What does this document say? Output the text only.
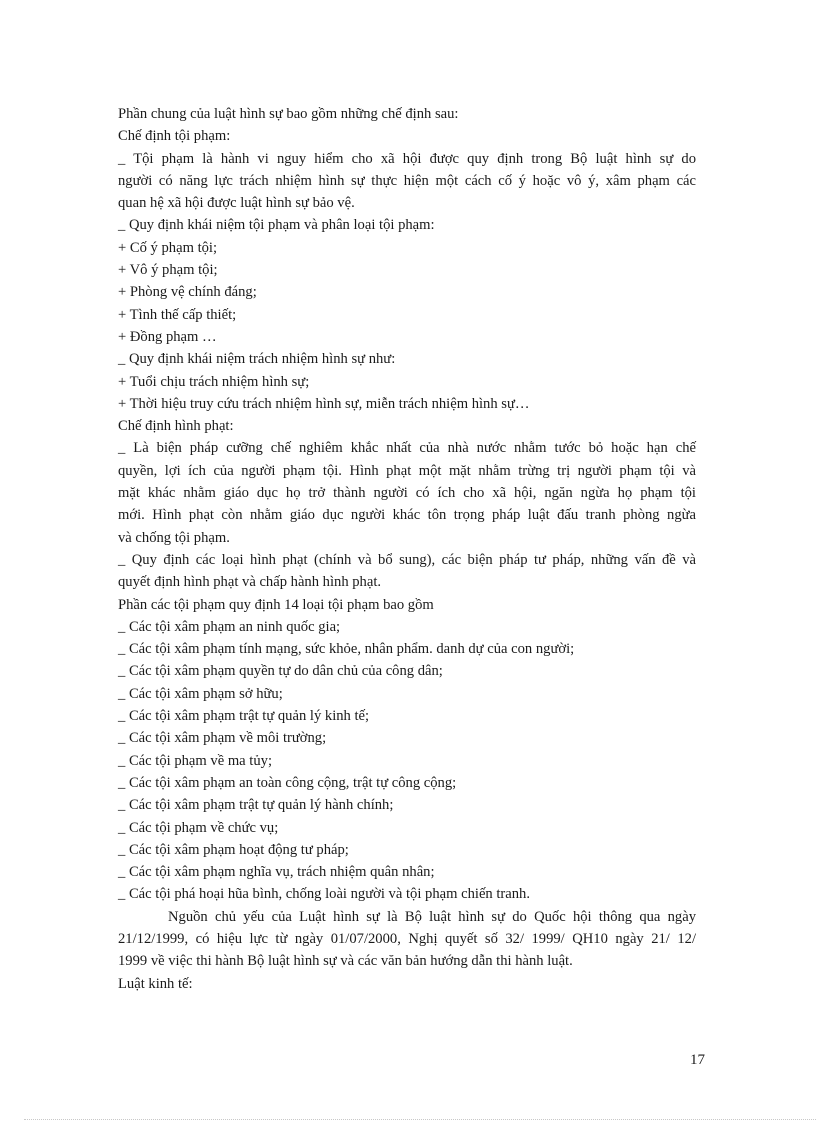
Phần chung của luật hình sự bao gồm những chế định sau:

Chế định tội phạm:

_ Tội phạm là hành vi nguy hiểm cho xã hội được quy định trong Bộ luật hình sự do

người có năng lực trách nhiệm hình sự thực hiện một cách cố ý hoặc vô ý, xâm phạm các

quan hệ xã hội được luật hình sự bảo vệ.

_ Quy định khái niệm tội phạm và phân loại tội phạm:

+ Cố ý phạm tội;

+ Vô ý phạm tội;

+ Phòng vệ chính đáng;

+ Tình thế cấp thiết;

+ Đồng phạm …

_ Quy định khái niệm trách nhiệm hình sự như:

+ Tuổi chịu trách nhiệm hình sự;

+ Thời hiệu truy cứu trách nhiệm hình sự, miễn trách nhiệm hình sự…

Chế định hình phạt:

_ Là biện pháp cưỡng chế nghiêm khắc nhất của nhà nước nhằm tước bỏ hoặc hạn chế

quyền, lợi ích của người phạm tội. Hình phạt một mặt nhằm trừng trị người phạm tội và

mặt khác nhằm giáo dục họ trở thành người có ích cho xã hội, ngăn ngừa họ phạm tội

mới. Hình phạt còn nhằm giáo dục người khác tôn trọng pháp luật đấu tranh phòng ngừa

và chống tội phạm.

_ Quy định các loại hình phạt (chính và bổ sung), các biện pháp tư pháp, những vấn đề và

quyết định hình phạt và chấp hành hình phạt.

Phần các tội phạm quy định 14 loại tội phạm bao gồm

_ Các tội xâm phạm an ninh quốc gia;

_ Các tội xâm phạm tính mạng, sức khỏe, nhân phẩm. danh dự của con người;

_ Các tội xâm phạm quyền tự do dân chủ của công dân;

_ Các tội xâm phạm sở hữu;

_ Các tội xâm phạm trật tự quản lý kinh tế;

_ Các tội xâm phạm về môi trường;

_ Các tội phạm về ma tủy;

_ Các tội xâm phạm an toàn công cộng, trật tự công cộng;

_ Các tội xâm phạm trật tự quản lý hành chính;

_ Các tội phạm về chức vụ;

_ Các tội xâm phạm hoạt động tư pháp;

_ Các tội xâm phạm nghĩa vụ, trách nhiệm quân nhân;

_ Các tội phá hoại hũa bình, chống loài người và tội phạm chiến tranh.

Nguồn chủ yếu của Luật hình sự là Bộ luật hình sự do Quốc hội thông qua ngày

21/12/1999, có hiệu lực từ ngày 01/07/2000, Nghị quyết số 32/ 1999/ QH10 ngày 21/ 12/

1999 về việc thi hành Bộ luật hình sự và các văn bản hướng dẫn thi hành luật.

Luật kinh tế:

17
